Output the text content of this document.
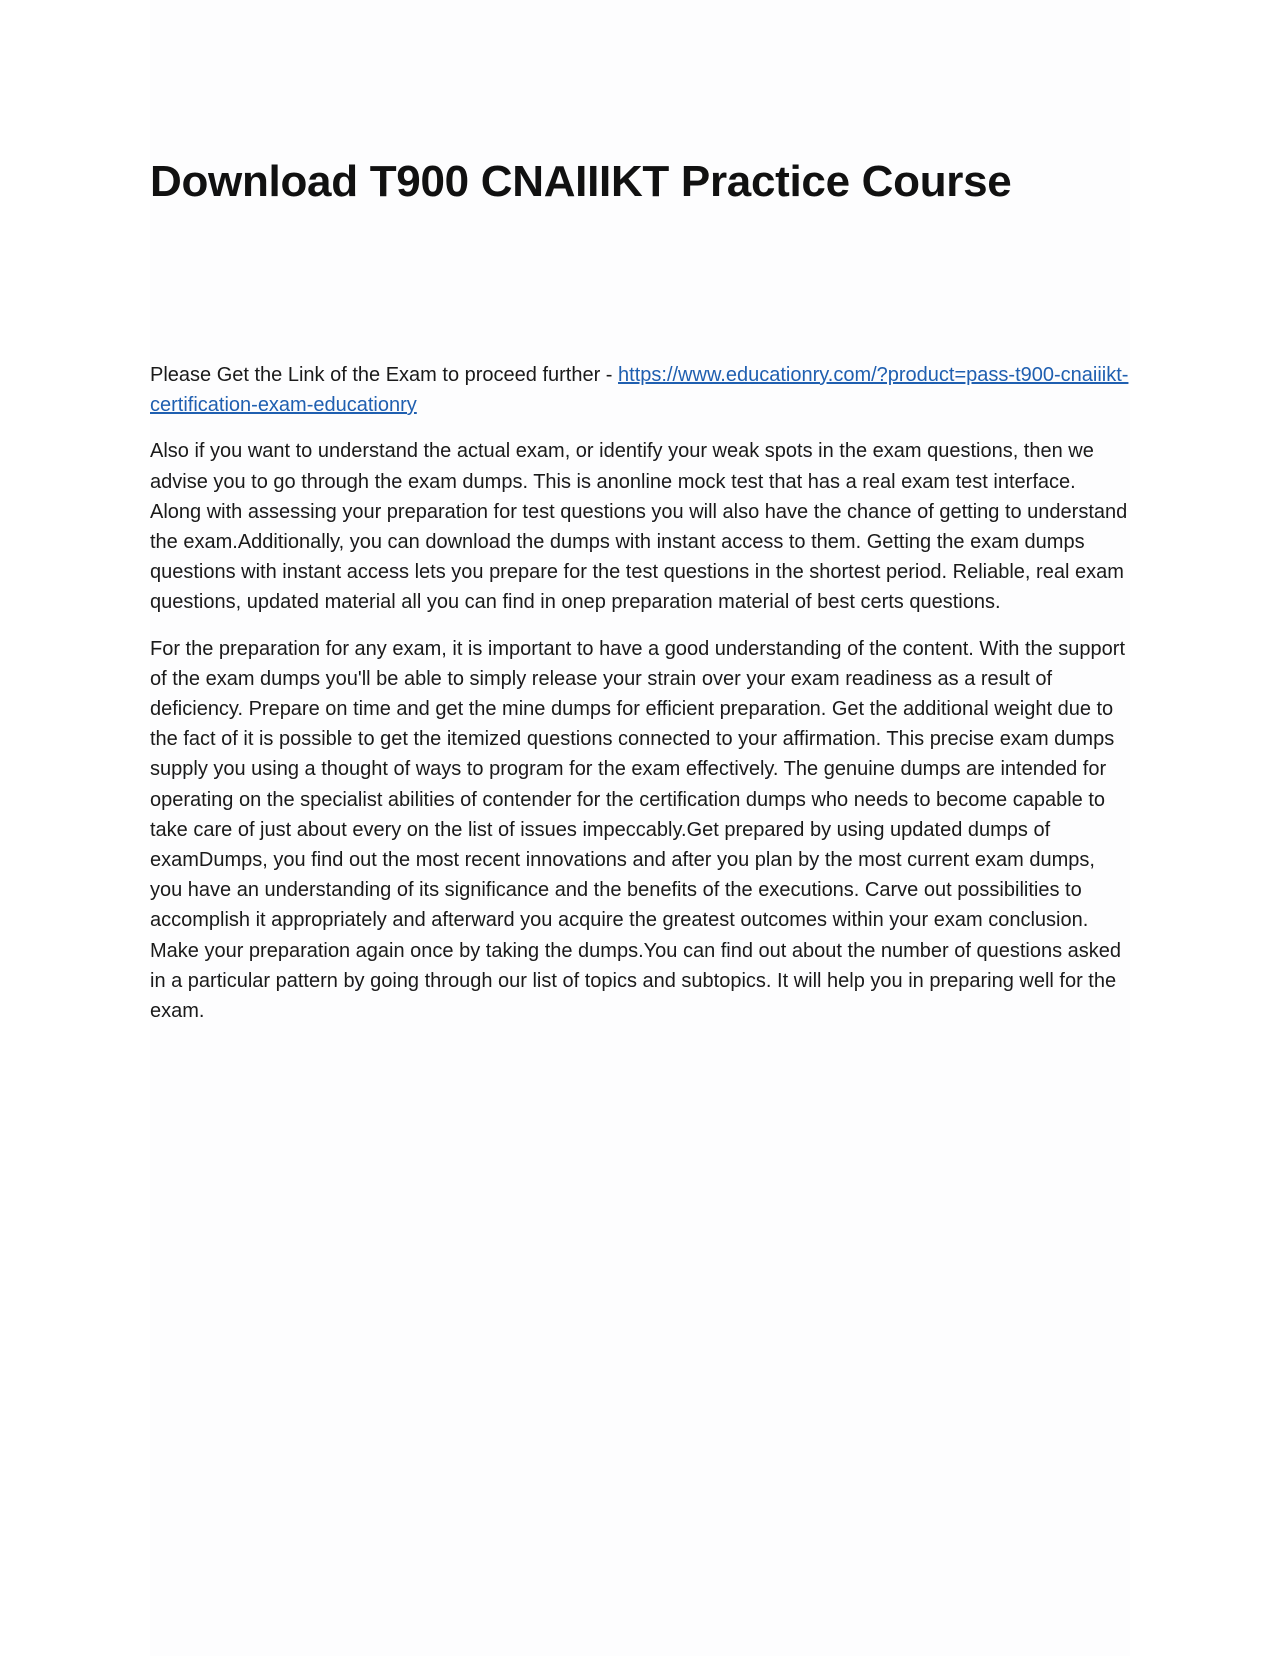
Download T900 CNAIIIKT Practice Course

Please Get the Link of the Exam to proceed further - https://www.educationry.com/?product=pass-t900-cnaiiikt-certification-exam-educationry

Also if you want to understand the actual exam, or identify your weak spots in the exam questions, then we advise you to go through the exam dumps. This is anonline mock test that has a real exam test interface. Along with assessing your preparation for test questions you will also have the chance of getting to understand the exam.Additionally, you can download the dumps with instant access to them. Getting the exam dumps questions with instant access lets you prepare for the test questions in the shortest period. Reliable, real exam questions, updated material all you can find in onep preparation material of best certs questions.

For the preparation for any exam, it is important to have a good understanding of the content. With the support of the exam dumps you'll be able to simply release your strain over your exam readiness as a result of deficiency. Prepare on time and get the mine dumps for efficient preparation. Get the additional weight due to the fact of it is possible to get the itemized questions connected to your affirmation. This precise exam dumps supply you using a thought of ways to program for the exam effectively. The genuine dumps are intended for operating on the specialist abilities of contender for the certification dumps who needs to become capable to take care of just about every on the list of issues impeccably.Get prepared by using updated dumps of examDumps, you find out the most recent innovations and after you plan by the most current exam dumps, you have an understanding of its significance and the benefits of the executions. Carve out possibilities to accomplish it appropriately and afterward you acquire the greatest outcomes within your exam conclusion. Make your preparation again once by taking the dumps.You can find out about the number of questions asked in a particular pattern by going through our list of topics and subtopics. It will help you in preparing well for the exam.
